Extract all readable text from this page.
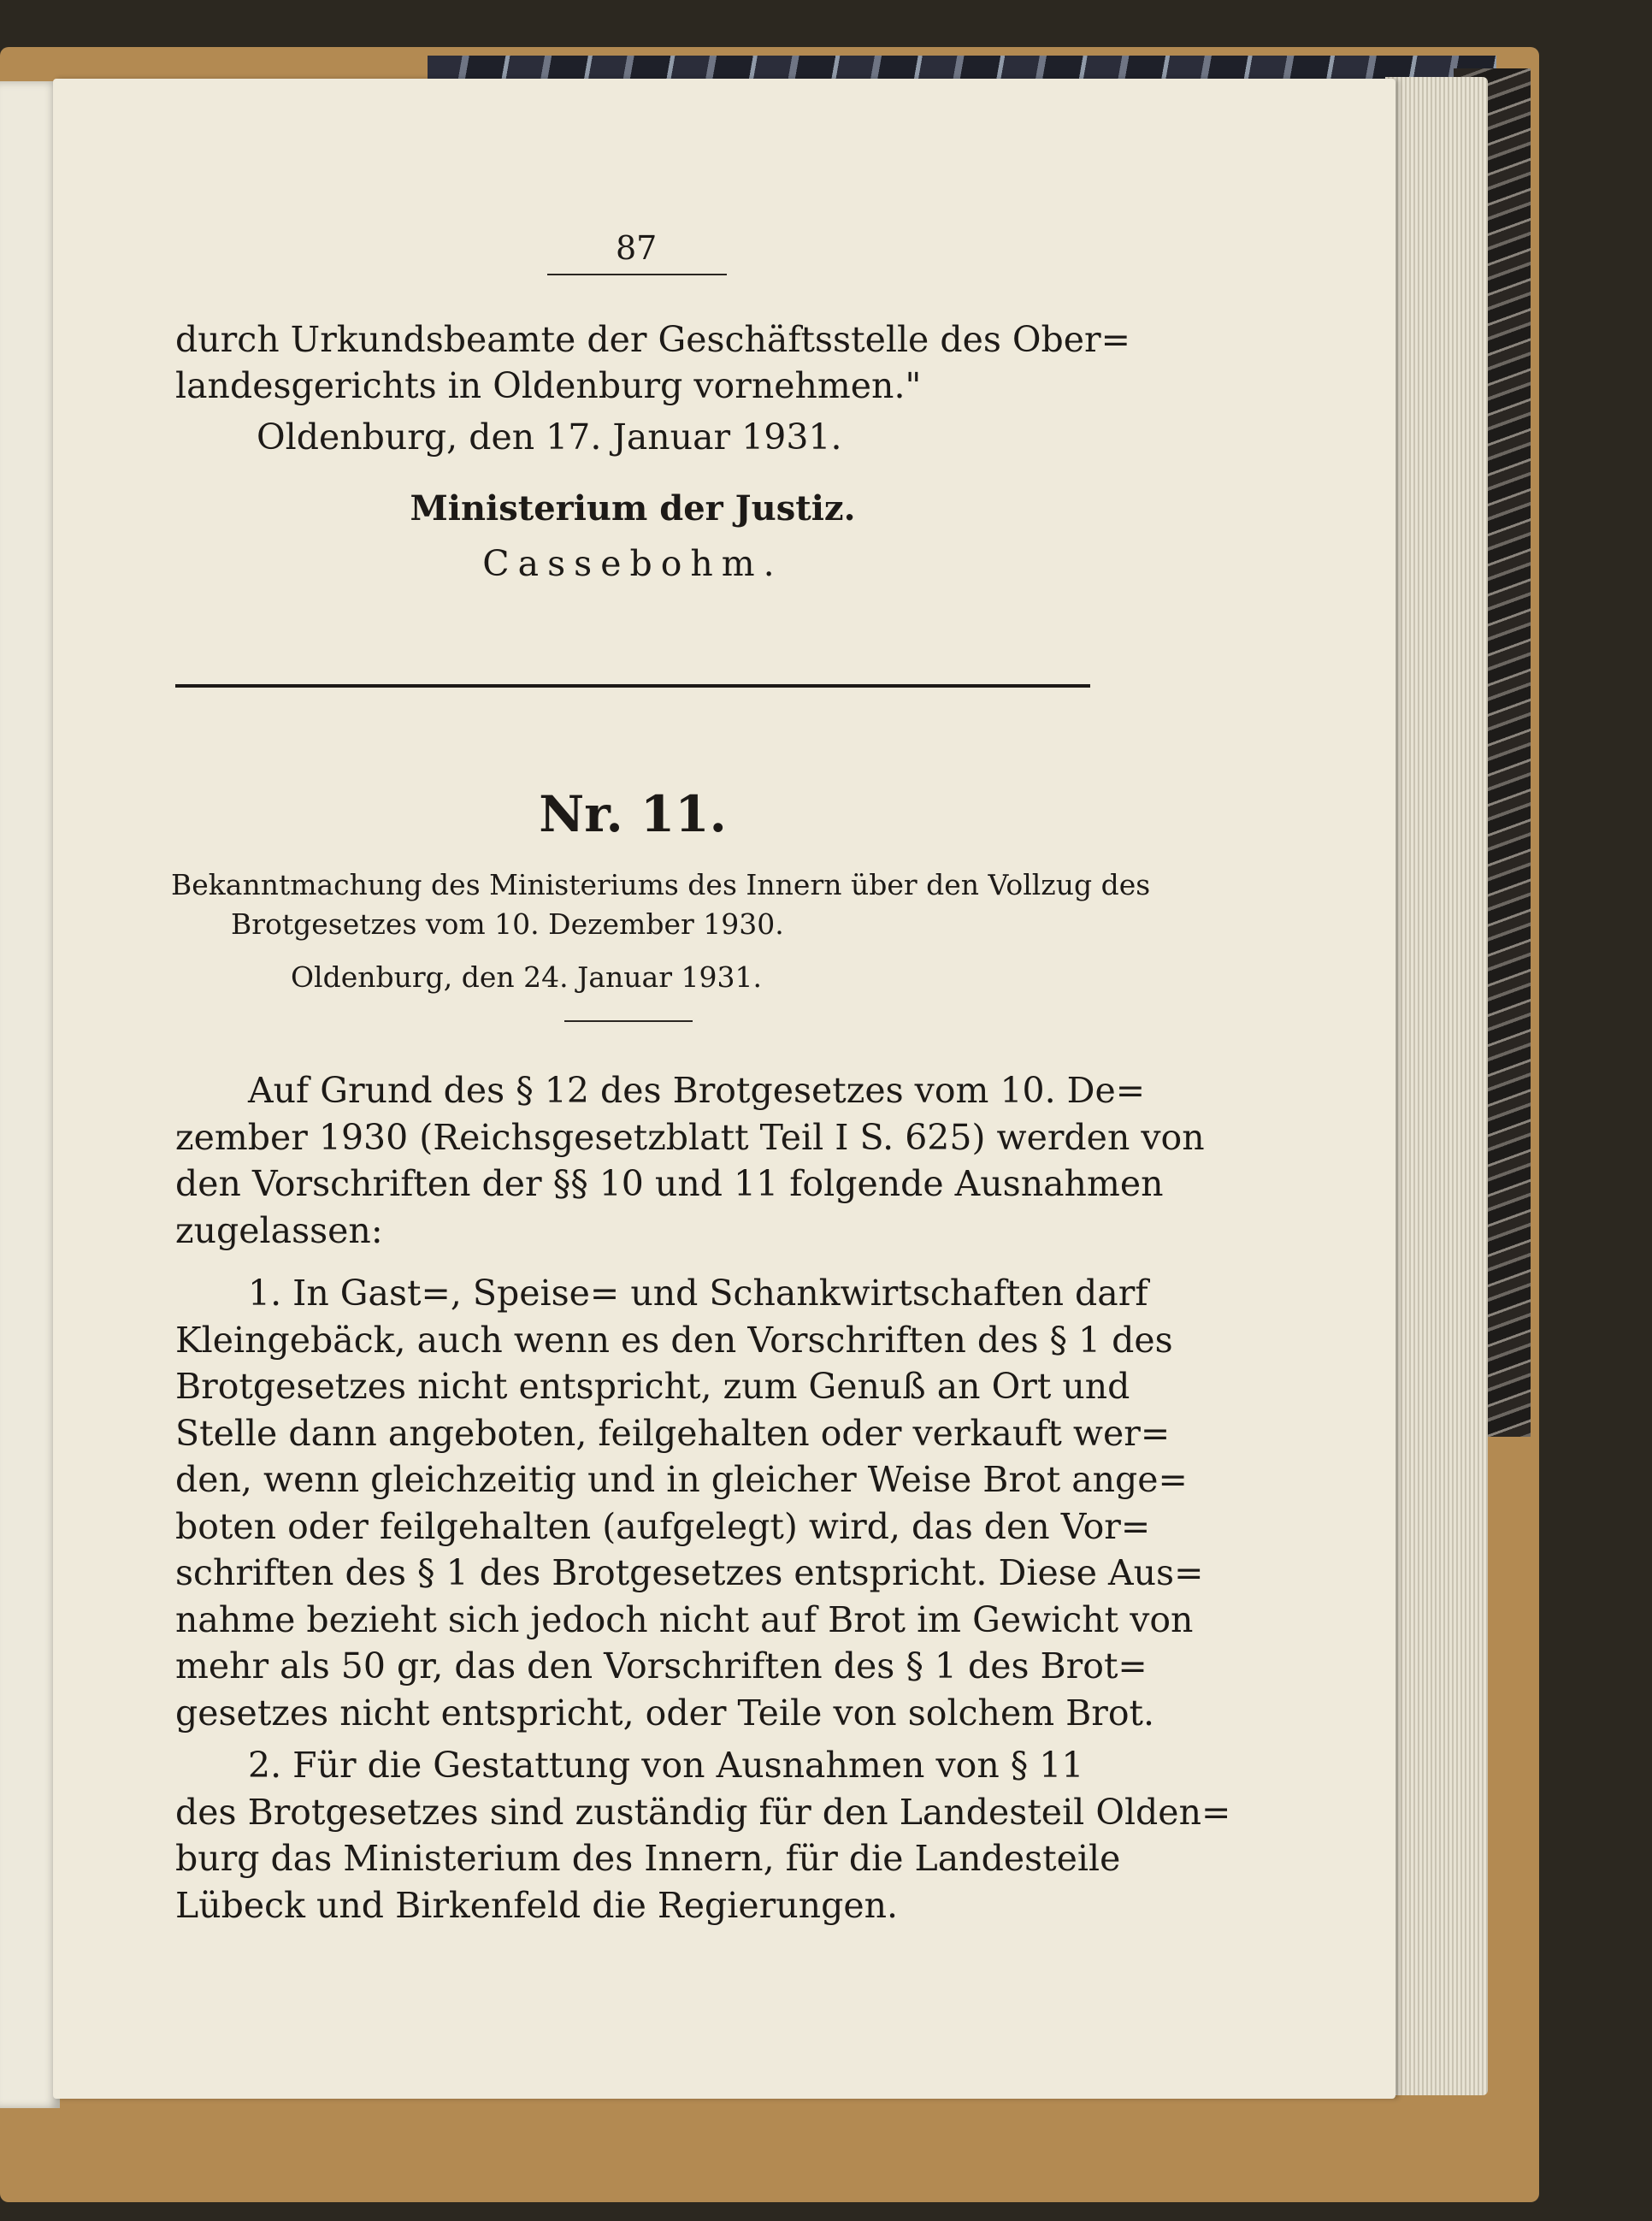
87
durch Urkundsbeamte der Geschäftsstelle des Ober=
landesgerichts in Oldenburg vornehmen."
Oldenburg, den 17. Januar 1931.
Ministerium der Justiz.
Cassebohm.
Nr. 11.
Bekanntmachung des Ministeriums des Innern über den Vollzug des
Brotgesetzes vom 10. Dezember 1930.
Oldenburg, den 24. Januar 1931.
Auf Grund des § 12 des Brotgesetzes vom 10. De=
zember 1930 (Reichsgesetzblatt Teil I S. 625) werden von
den Vorschriften der §§ 10 und 11 folgende Ausnahmen
zugelassen:
1. In Gast=, Speise= und Schankwirtschaften darf
Kleingebäck, auch wenn es den Vorschriften des § 1 des
Brotgesetzes nicht entspricht, zum Genuß an Ort und
Stelle dann angeboten, feilgehalten oder verkauft wer=
den, wenn gleichzeitig und in gleicher Weise Brot ange=
boten oder feilgehalten (aufgelegt) wird, das den Vor=
schriften des § 1 des Brotgesetzes entspricht. Diese Aus=
nahme bezieht sich jedoch nicht auf Brot im Gewicht von
mehr als 50 gr, das den Vorschriften des § 1 des Brot=
gesetzes nicht entspricht, oder Teile von solchem Brot.
2. Für die Gestattung von Ausnahmen von § 11
des Brotgesetzes sind zuständig für den Landesteil Olden=
burg das Ministerium des Innern, für die Landesteile
Lübeck und Birkenfeld die Regierungen.
